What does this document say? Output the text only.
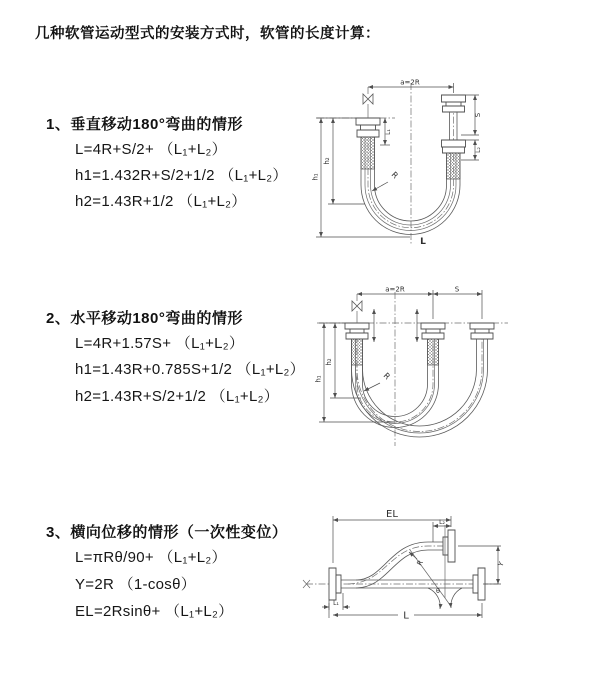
几种软管运动型式的安装方式时，软管的长度计算：
1、垂直移动180°弯曲的情形
L=4R+S/2+ （L₁+L₂）
h1=1.432R+S/2+1/2 （L₁+L₂）
h2=1.43R+1/2 （L₁+L₂）
a=2R
S
L₂
L₁
h₂
h₁	R
L
2、水平移动180°弯曲的情形
L=4R+1.57S+ （L₁+L₂）
h1=1.43R+0.785S+1/2 （L₁+L₂）
h2=1.43R+S/2+1/2 （L₁+L₂）
a=2R	S
h₂
h₁	R
3、横向位移的情形（一次性变位）
L=πRθ/90+ （L₁+L₂）
Y=2R （1-cosθ）
EL=2Rsinθ+ （L₁+L₂）
EL
L₂
Y
θ
R
L
L₁
